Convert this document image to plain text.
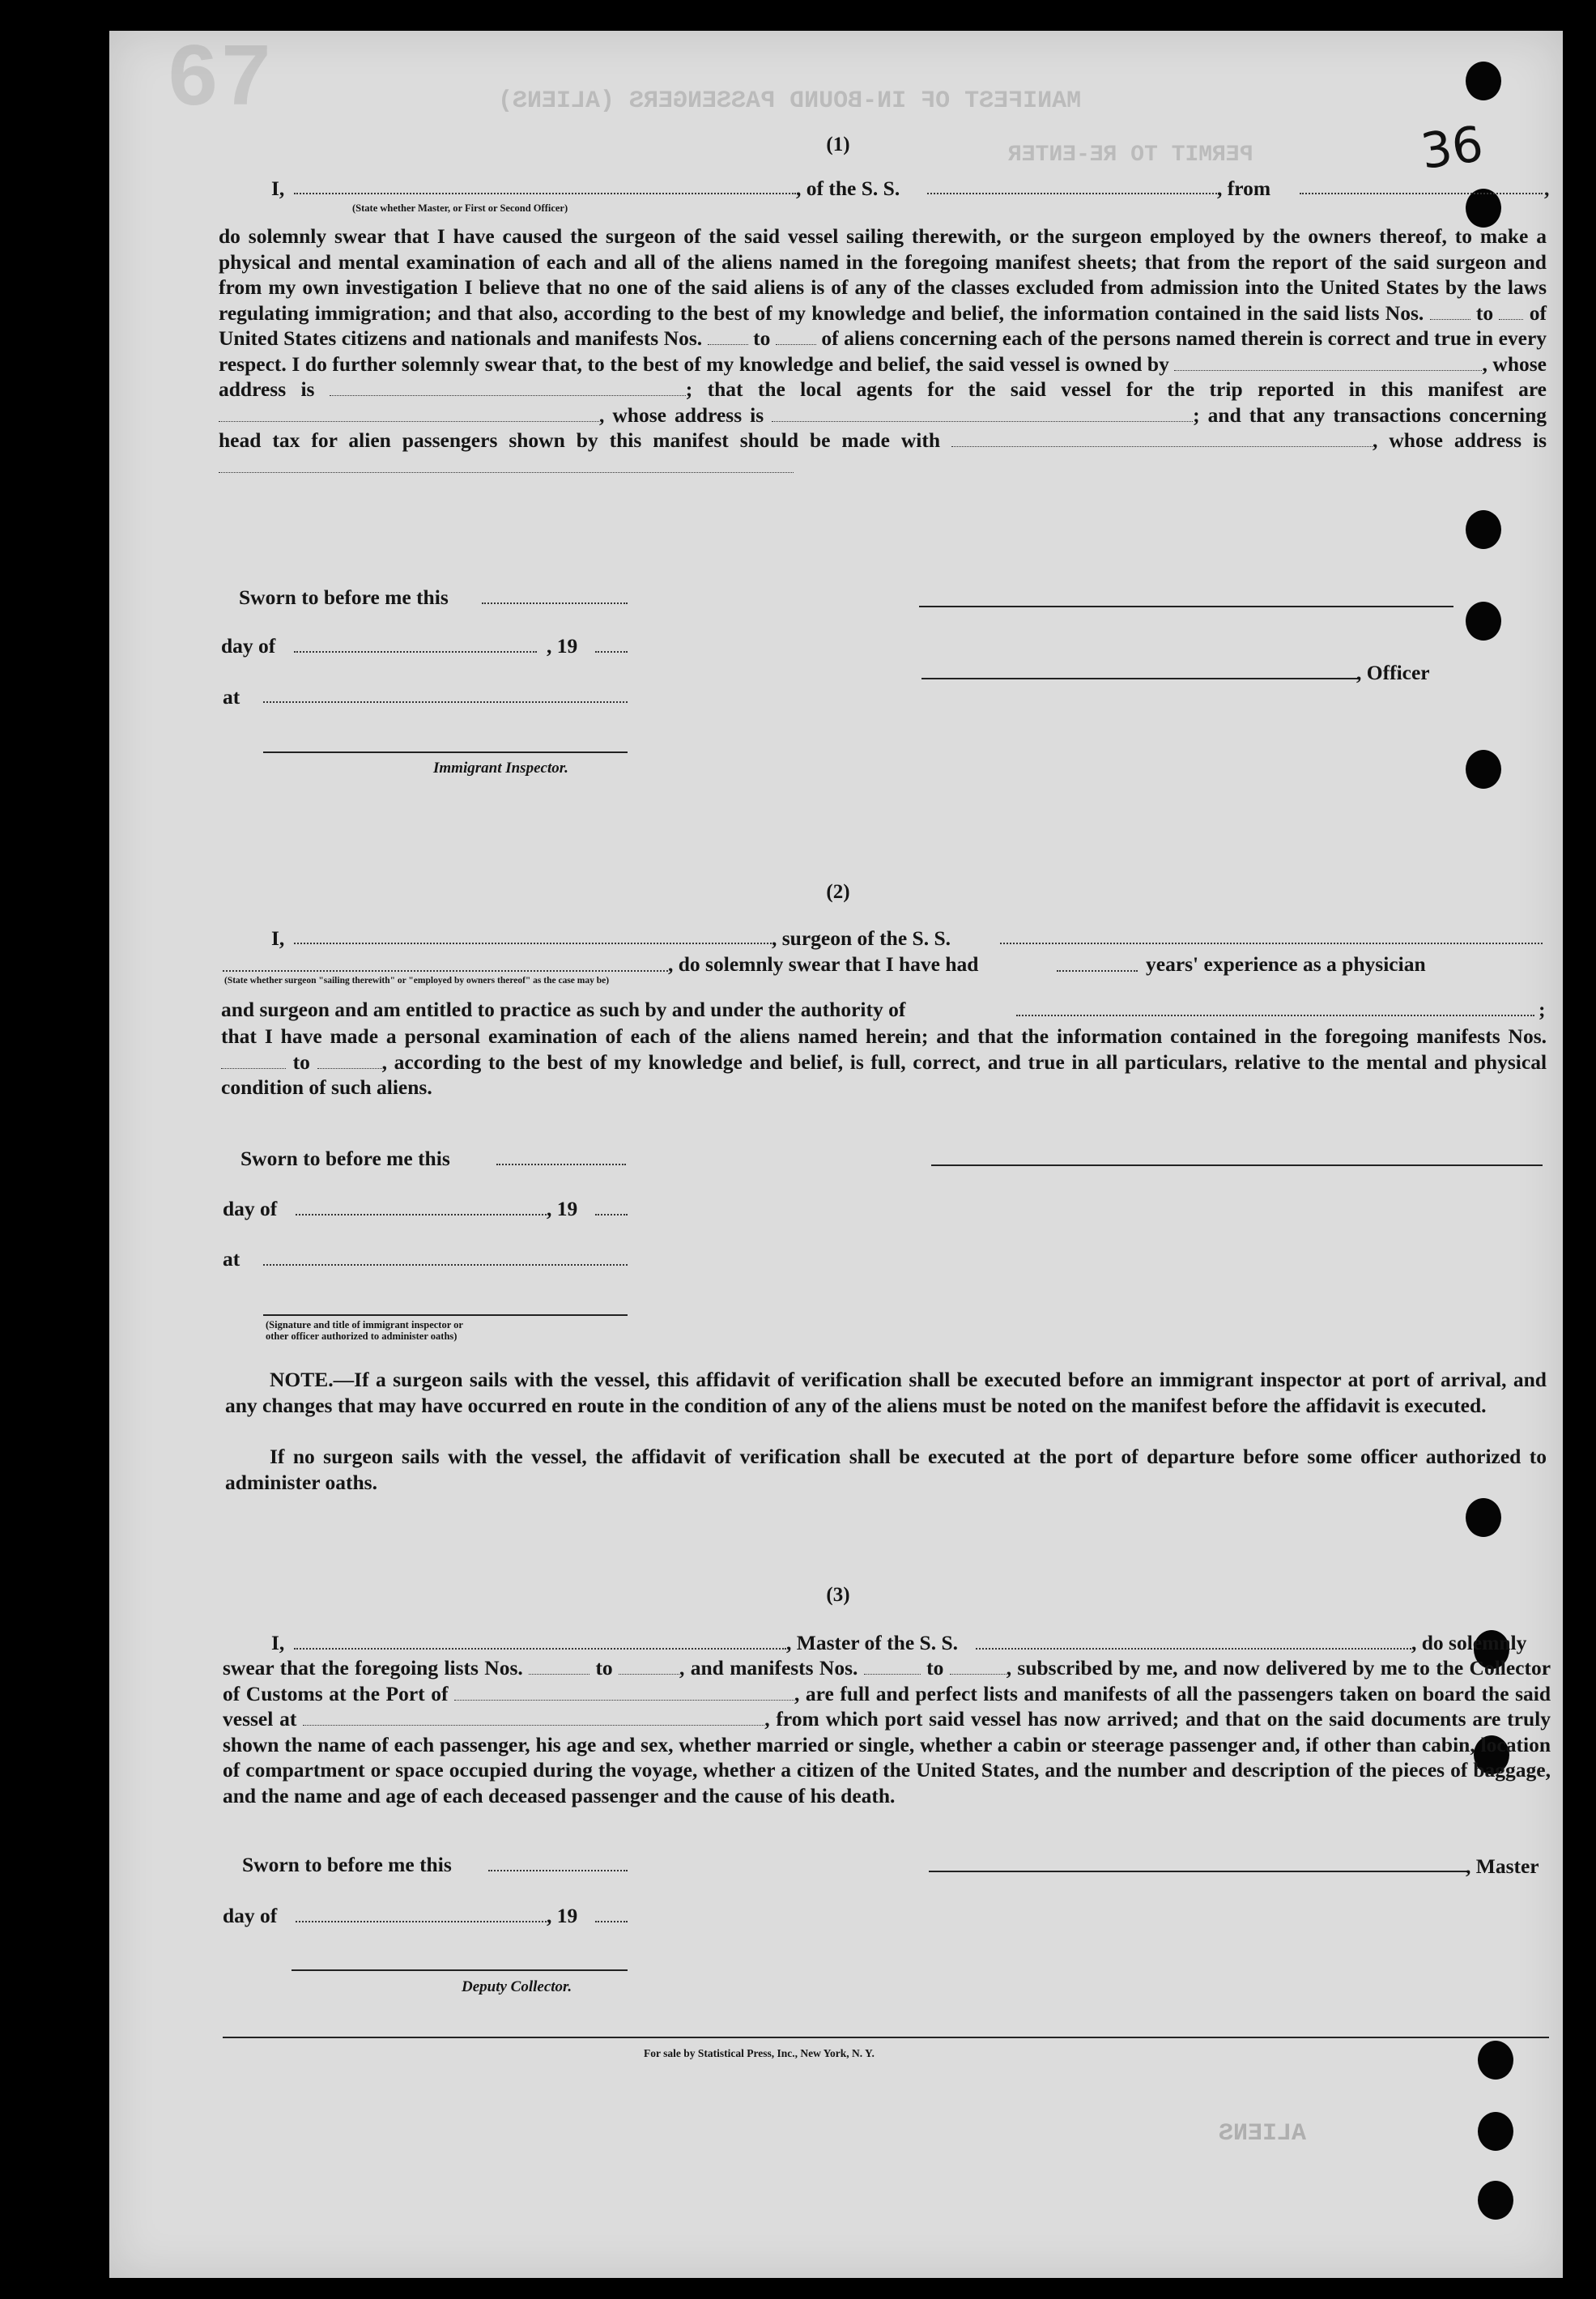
MANIFEST OF IN-BOUND PASSENGERS (ALIENS)
PERMIT TO RE-ENTER
ALIENS
67
36
(1)
I,
(State whether Master, or First or Second Officer)
, of the S. S.	, from	,
do solemnly swear that I have caused the surgeon of the said vessel sailing therewith, or the surgeon employed by the owners thereof, to make a physical and mental examination of each and all of the aliens named in the foregoing manifest sheets; that from the report of the said surgeon and from my own investigation I believe that no one of the said aliens is of any of the classes excluded from admission into the United States by the laws regulating immigration; and that also, according to the best of my knowledge and belief, the information contained in the said lists Nos.	to of United States citizens and nationals and manifests Nos. to of aliens concerning each of the persons named therein is correct and true in every respect. I do further solemnly swear that, to the best of my knowledge and belief, the said vessel is owned by	, whose address is	; that the local agents for the said vessel for the trip reported in this manifest are , whose address is	; and that any transactions concerning head tax for alien passengers shown by this manifest should be made with	, whose address is
Sworn to before me this
day of	, 19
, Officer
at
Immigrant Inspector.
(2)
I,	, surgeon of the S. S.
, do solemnly swear that I have had	years' experience as a physician
(State whether surgeon "sailing therewith" or "employed by owners thereof" as the case may be)
and surgeon and am entitled to practice as such by and under the authority of	;
that I have made a personal examination of each of the aliens named herein; and that the information contained in the foregoing manifests Nos.  to	, according to the best of my knowledge and belief, is full, correct, and true in all particulars, relative to the mental and physical condition of such aliens.
Sworn to before me this
day of	, 19
at
(Signature and title of immigrant inspector or
other officer authorized to administer oaths)
NOTE.—If a surgeon sails with the vessel, this affidavit of verification shall be executed before an immigrant inspector at port of arrival, and any changes that may have occurred en route in the condition of any of the aliens must be noted on the manifest before the affidavit is executed.
If no surgeon sails with the vessel, the affidavit of verification shall be executed at the port of departure before some officer authorized to administer oaths.
(3)
I,	, Master of the S. S.	, do solemnly
swear that the foregoing lists Nos.	to	, and manifests Nos.	to	, subscribed by me, and now delivered by me to the Collector of Customs at the Port of	, are full and perfect lists and manifests of all the passengers taken on board the said vessel at	, from which port said vessel has now arrived; and that on the said documents are truly shown the name of each passenger, his age and sex, whether married or single, whether a cabin or steerage passenger and, if other than cabin, location of compartment or space occupied during the voyage, whether a citizen of the United States, and the number and description of the pieces of baggage, and the name and age of each deceased passenger and the cause of his death.
Sworn to before me this	, Master
day of	, 19
Deputy Collector.
For sale by Statistical Press, Inc., New York, N. Y.
